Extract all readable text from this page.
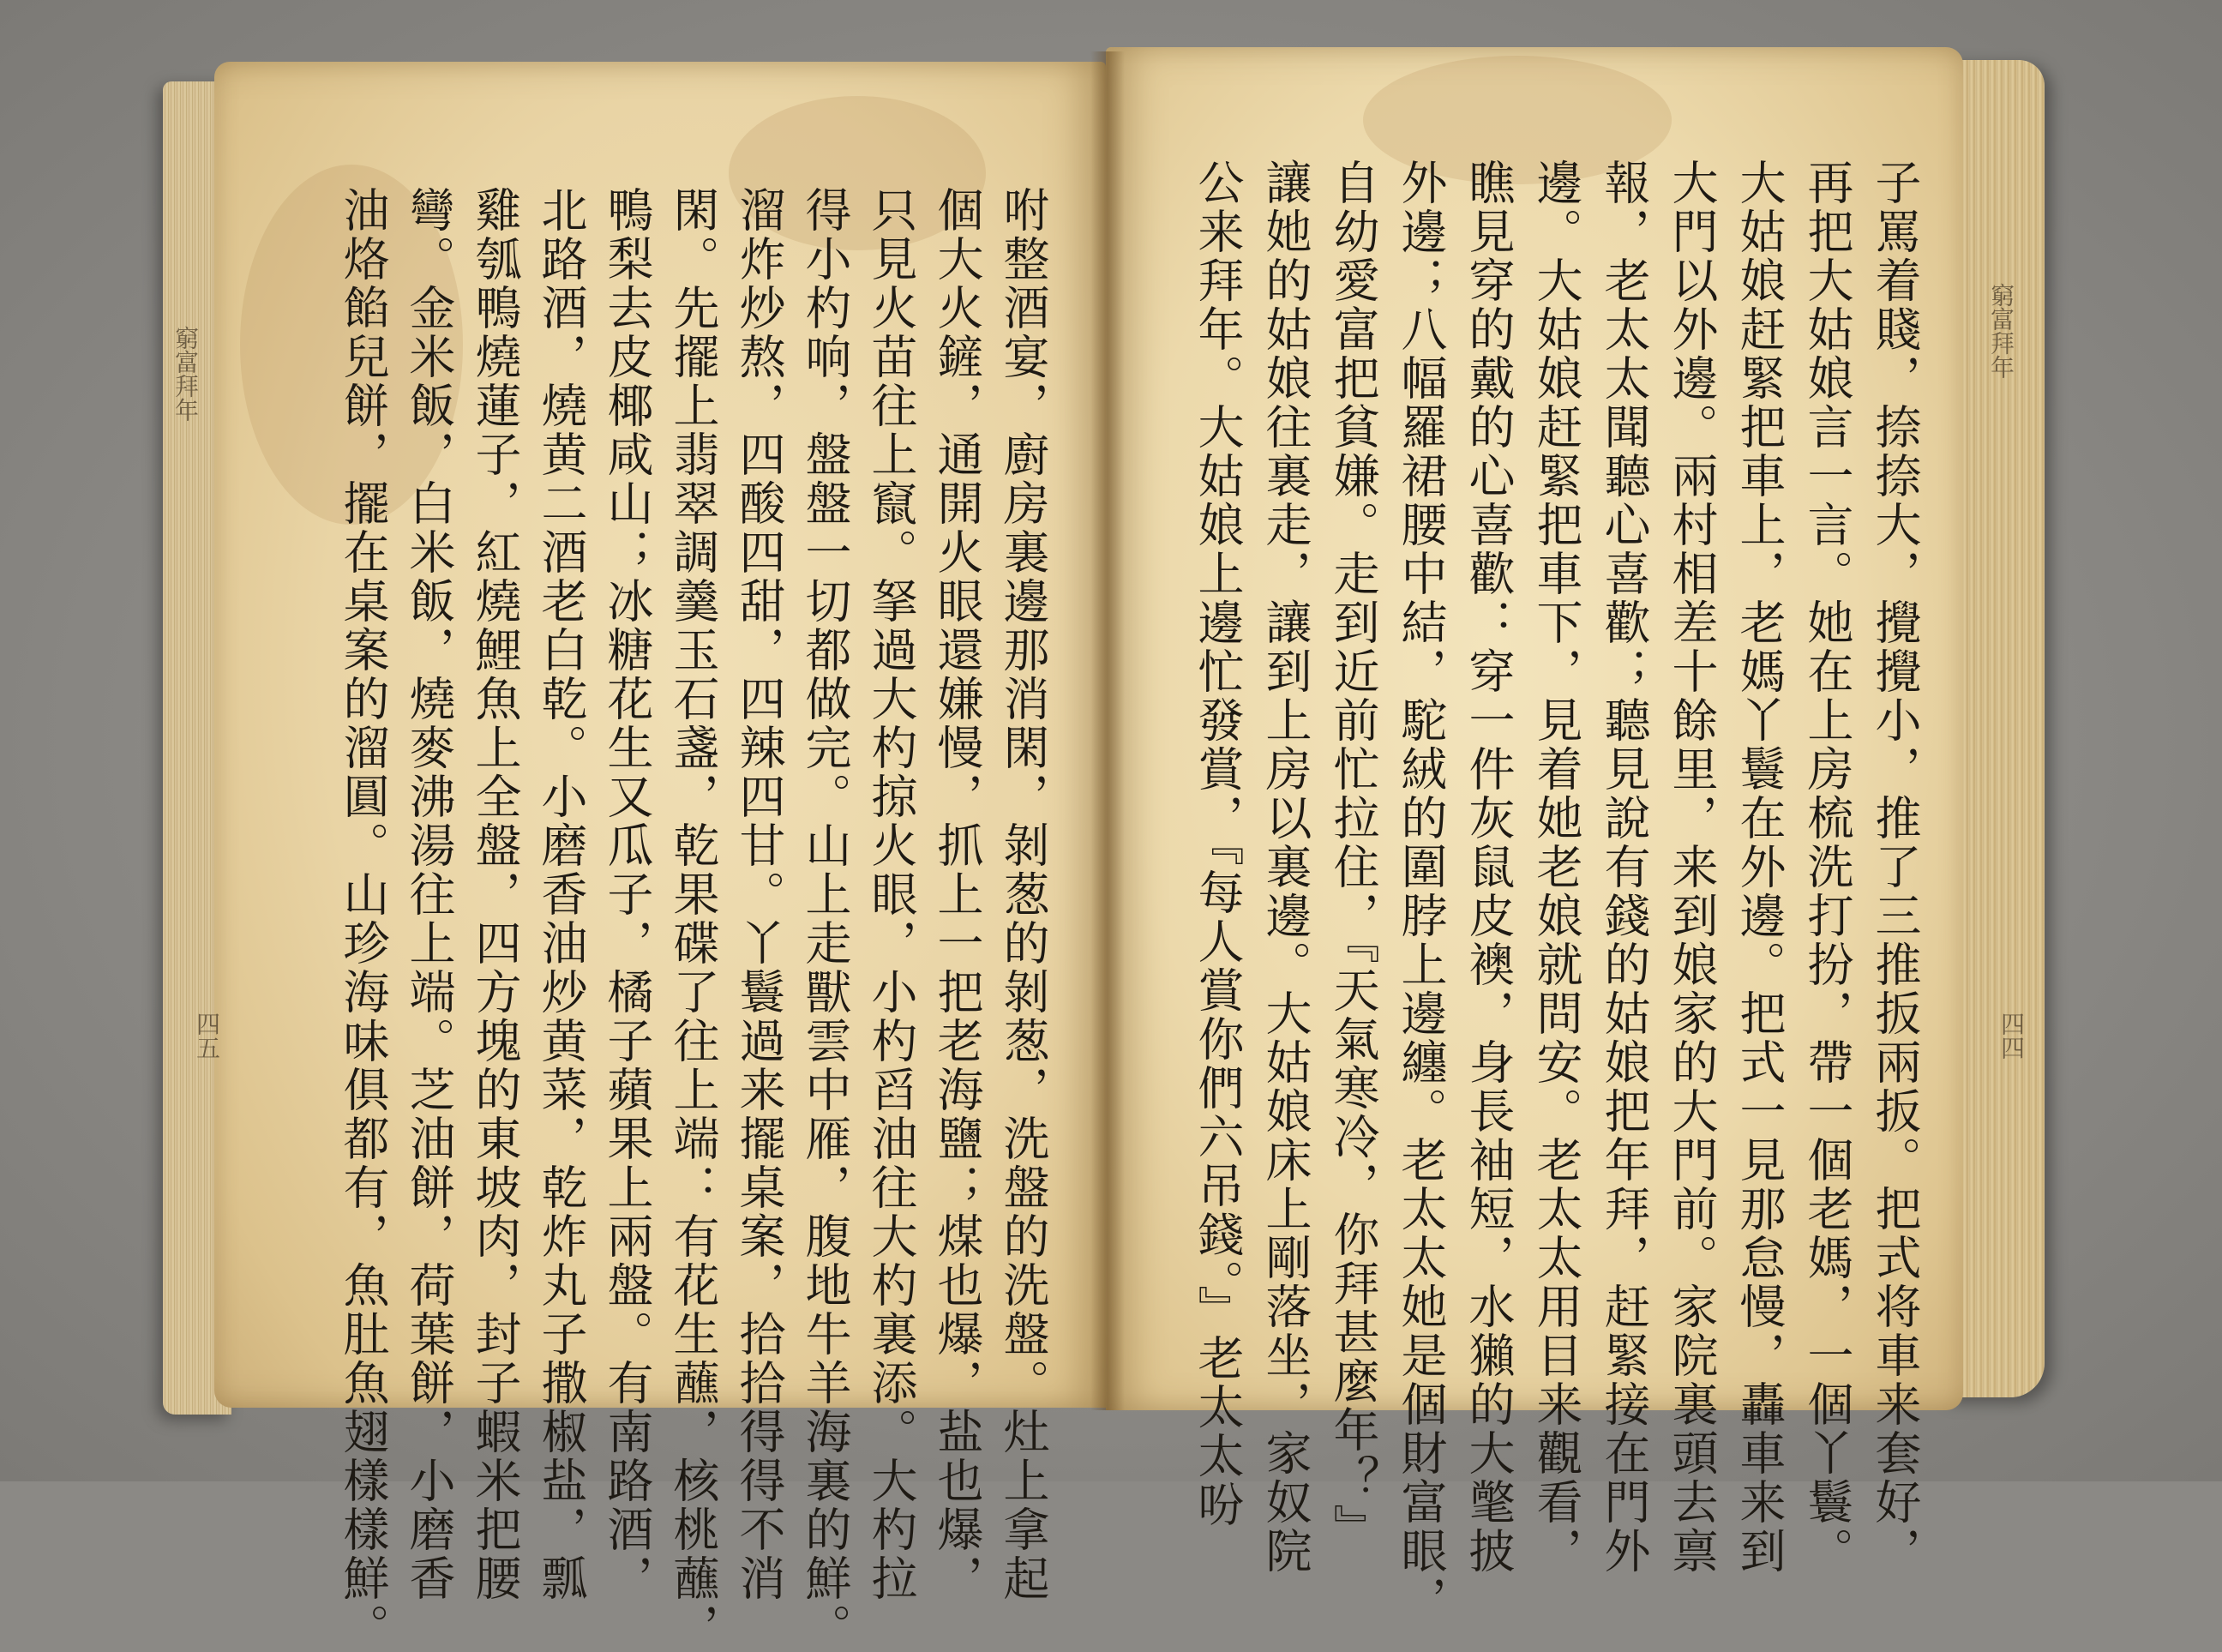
咐整酒宴，廚房裏邊那消閑，剝葱的剝葱，洗盤的洗盤。灶上拿起
個大火鏟，通開火眼還嫌慢，抓上一把老海鹽；煤也爆，盐也爆，
只見火苗往上竄。拏過大杓掠火眼，小杓舀油往大杓裏添。大杓拉
得小杓响，盤盤一切都做完。山上走獸雲中雁，腹地牛羊海裏的鮮。
溜炸炒熬，四酸四甜，四辣四甘。丫鬟過来擺桌案，拾拾得得不消
閑。先擺上翡翠調羹玉石盞，乾果碟了往上端：有花生蘸，核桃蘸，
鴨梨去皮椰咸山；冰糖花生又瓜子，橘子蘋果上兩盤。有南路酒，
北路酒，燒黄二酒老白乾。小磨香油炒黄菜，乾炸丸子撒椒盐，瓢
雞瓠鴨燒蓮子，紅燒鯉魚上全盤，四方塊的東坡肉，封子蝦米把腰
彎。金米飯，白米飯，燒麥沸湯往上端。芝油餅，荷葉餅，小磨香
油烙餡兒餅，擺在桌案的溜圓。山珍海味俱都有，魚肚魚翅樣樣鮮。
窮富拜年
四五	子罵着賤，捺捺大，攪攪小，推了三推扳兩扳。把式将車来套好，
再把大姑娘言一言。她在上房梳洗打扮，帶一個老媽，一個丫鬟。
大姑娘赶緊把車上，老媽丫鬟在外邊。把式一見那怠慢，轟車来到
大門以外邊。兩村相差十餘里，来到娘家的大門前。家院裏頭去禀
報，老太太聞聽心喜歡；聽見說有錢的姑娘把年拜，赶緊接在門外
邊。大姑娘赶緊把車下，見着她老娘就問安。老太太用目来觀看，
瞧見穿的戴的心喜歡：穿一件灰鼠皮襖，身長袖短，水獺的大氅披
外邊；八幅羅裙腰中結，駝絨的圍脖上邊纏。老太太她是個財富眼，
自幼愛富把貧嫌。走到近前忙拉住，『天氣寒冷，你拜甚麼年？』
讓她的姑娘往裏走，讓到上房以裏邊。大姑娘床上剛落坐，家奴院
公来拜年。大姑娘上邊忙發賞，『每人賞你們六吊錢。』老太太吩	窮富拜年
四四
